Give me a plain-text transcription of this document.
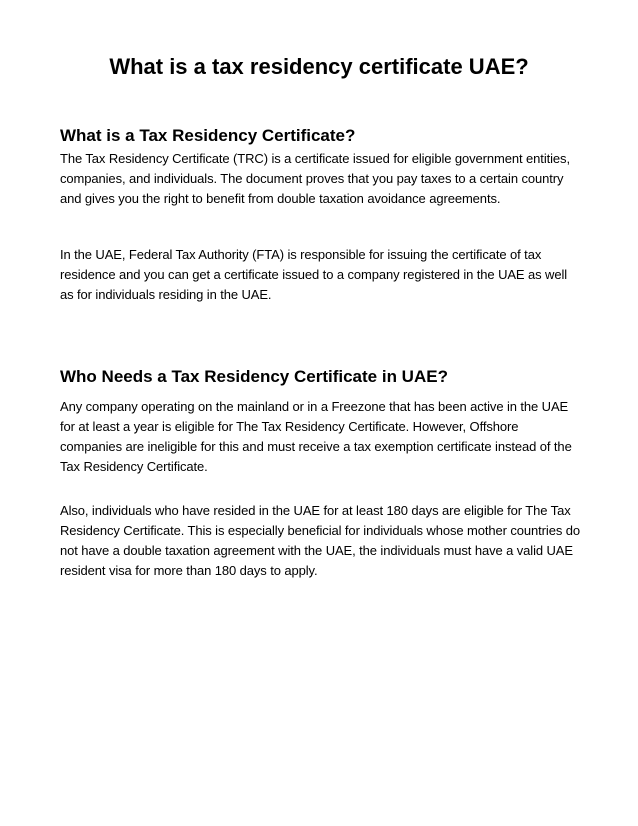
What is a tax residency certificate UAE?
What is a Tax Residency Certificate?

The Tax Residency Certificate (TRC) is a certificate issued for eligible government entities, companies, and individuals. The document proves that you pay taxes to a certain country and gives you the right to benefit from double taxation avoidance agreements.

In the UAE, Federal Tax Authority (FTA) is responsible for issuing the certificate of tax residence and you can get a certificate issued to a company registered in the UAE as well as for individuals residing in the UAE.

Who Needs a Tax Residency Certificate in UAE?

Any company operating on the mainland or in a Freezone that has been active in the UAE for at least a year is eligible for The Tax Residency Certificate. However, Offshore companies are ineligible for this and must receive a tax exemption certificate instead of the Tax Residency Certificate.

Also, individuals who have resided in the UAE for at least 180 days are eligible for The Tax Residency Certificate. This is especially beneficial for individuals whose mother countries do not have a double taxation agreement with the UAE, the individuals must have a valid UAE resident visa for more than 180 days to apply.
